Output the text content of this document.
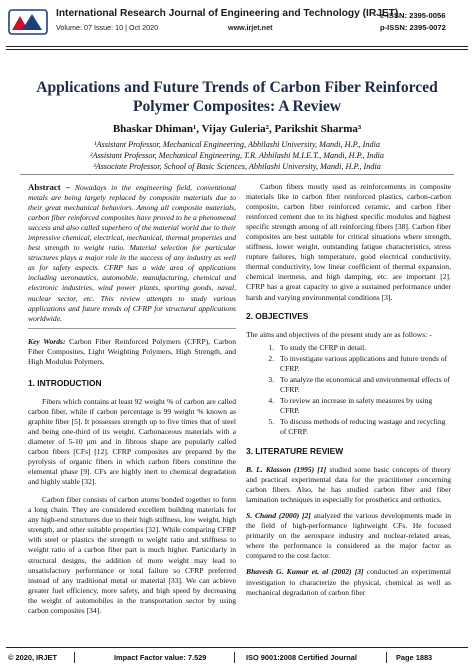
International Research Journal of Engineering and Technology (IRJET)
Volume: 07 Issue: 10 | Oct 2020	www.irjet.net
e-ISSN: 2395-0056
p-ISSN: 2395-0072
Applications and Future Trends of Carbon Fiber Reinforced Polymer Composites: A Review
Bhaskar Dhiman¹, Vijay Guleria², Parikshit Sharma³
¹Assistant Professor, Mechanical Engineering, Abhilashi University, Mandi, H.P., India
²Assistant Professor, Mechanical Engineering, T.R. Abhilashi M.I.E.T., Mandi, H.P., India
³Associate Professor, School of Basic Sciences, Abhilashi University, Mandi, H.P., India

Abstract – Nowadays in the engineering field, conventional metals are being largely replaced by composite materials due to their great mechanical behaviors. Among all composite materials, carbon fiber reinforced composites have proved to be a phenomenal success and also called superhero of the material world due to their impressive chemical, electrical, mechanical, thermal properties and best strength to weight ratio. Material selection for particular structures plays a major role in the success of any industry as well as for safety aspects. CFRP has a wide area of applications including aeronautics, automobile, manufacturing, chemical and electronic industries, wind power plants, sporting goods, naval, nuclear sector, etc. This review attempts to study various applications and future trends of CFRP for structural applications worldwide.

Key Words: Carbon Fiber Reinforced Polymers (CFRP), Carbon Fiber Composites, Light Weighting Polymers, High Strength, and High Modulus Polymers.

1. INTRODUCTION

Fibers which contains at least 92 weight % of carbon are called carbon fiber, while if carbon percentage is 99 weight % known as graphite fiber [5]. It possesses strength up to five times that of steel and being one-third of its weight. Carbonaceous materials with a diameter of 5-10 µm and in fibrous shape are popularly called carbon fibers [CFs] [12]. CFRP composites are prepared by the pyrolysis of organic fibers in which carbon fibers constitute the elemental phase [9]. CFs are highly inert to chemical degradation and highly stable [32].

Carbon fiber consists of carbon atoms bonded together to form a long chain. They are considered excellent building materials for any high-end structures due to their high stiffness, low weight, high strength, and other suitable properties [32]. While comparing CFRP with steel or plastics the strength to weight ratio and stiffness to weight ratio of a carbon fiber part is much higher. Particularly in structural designs, the addition of more weight may lead to unsatisfactory performance or total failure so CFRP preferred instead of any traditional metal or material [33]. We can achieve greater fuel efficiency, more safety, and high speed by decreasing the weight of automobiles in the transportation sector by using carbon composites [34].

Carbon fibers mostly used as reinforcements in composite materials like in carbon fiber reinforced plastics, carbon-carbon composite, carbon fiber reinforced ceramic, and carbon fiber reinforced cement due to its highest specific modulus and highest specific strength among of all reinforcing fibers [38]. Carbon fiber composites are best suitable for critical situations where strength, stiffness, lower weight, outstanding fatigue characteristics, stress rupture failures, high temperature, good electrical conductivity, thermal conductivity, low linear coefficient of thermal expansion, chemical inertness, and high damping, etc. are important [2]. CFRP has a great capacity to give a sustained performance under harsh and varying environmental conditions [3].

2. OBJECTIVES

The aims and objectives of the present study are as follows: -

1. To study the CFRP in detail.
2. To investigate various applications and future trends of CFRP.
3. To analyze the economical and environmental effects of CFRP.
4. To review an increase in safety measures by using CFRP.
5. To discuss methods of reducing wastage and recycling of CFRP.

3. LITERATURE REVIEW

B. L. Klasson (1995) [1] studied some basic concepts of theory and practical experimental data for the practitioner concerning carbon fibers. Also, he has studied carbon fiber and fiber lamination techniques in especially for prosthetics and orthotics.

S. Chand (2000) [2] analyzed the various developments made in the field of high-performance lightweight CFs. He focused primarily on the aerospace industry and nuclear-related areas, where the performance is considered as the major factor as compared to the cost factor.

Bhavesh G. Kumar et. al (2002) [3] conducted an experimental investigation to characterize the physical, chemical as well as mechanical degradation of carbon fiber

© 2020, IRJET	Impact Factor value: 7.529	ISO 9001:2008 Certified Journal	Page 1883
